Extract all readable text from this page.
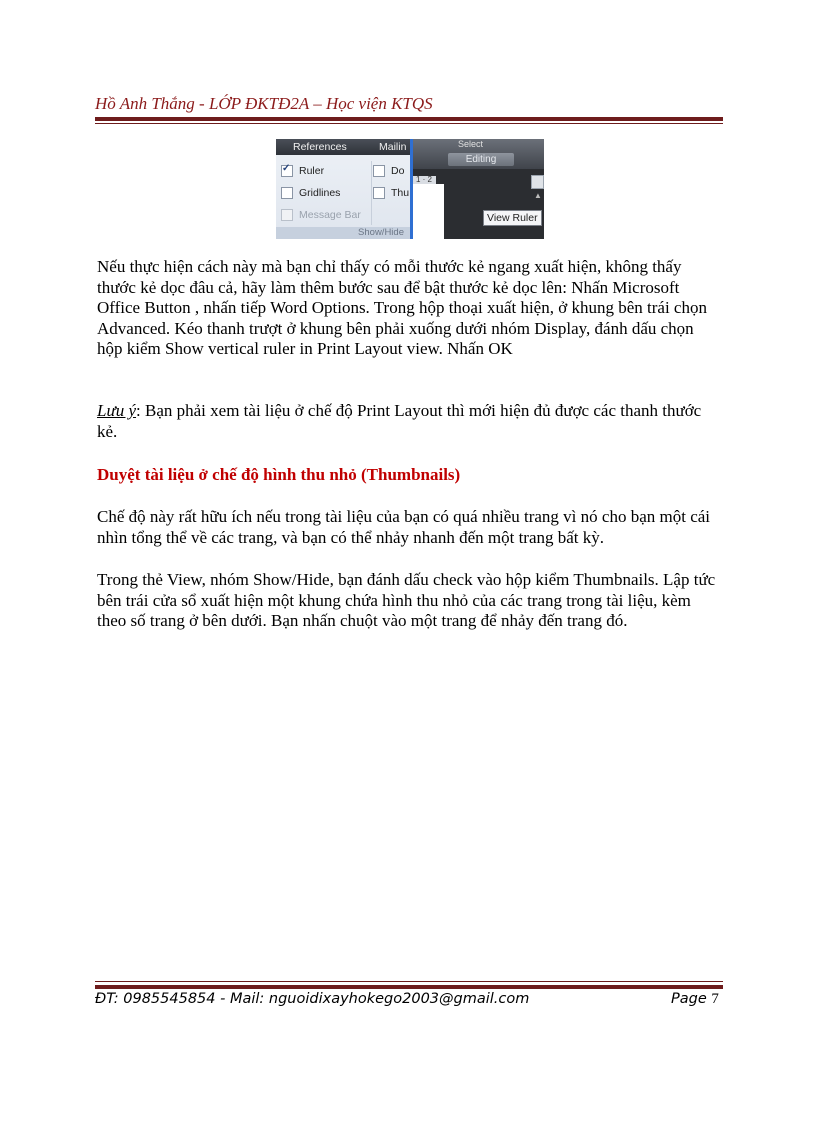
Hồ Anh Thắng - LỚP ĐKTĐ2A – Học viện KTQS
References	Mailin
✓
Ruler
Gridlines
Message Bar
Do
Thu
Show/Hide
Select
Editing
1 · 2
▲
View Ruler

Nếu thực hiện cách này mà bạn chỉ thấy có mỗi thước kẻ ngang xuất hiện, không thấy thước kẻ dọc đâu cả, hãy làm thêm bước sau để bật thước kẻ dọc lên: Nhấn Microsoft Office Button , nhấn tiếp Word Options. Trong hộp thoại xuất hiện, ở khung bên trái chọn Advanced. Kéo thanh trượt ở khung bên phải xuống dưới nhóm Display, đánh dấu chọn hộp kiểm Show vertical ruler in Print Layout view. Nhấn OK

Lưu ý: Bạn phải xem tài liệu ở chế độ Print Layout thì mới hiện đủ được các thanh thước kẻ.

Duyệt tài liệu ở chế độ hình thu nhỏ (Thumbnails)

Chế độ này rất hữu ích nếu trong tài liệu của bạn có quá nhiều trang vì nó cho bạn một cái nhìn tổng thể về các trang, và bạn có thể nhảy nhanh đến một trang bất kỳ.

Trong thẻ View, nhóm Show/Hide, bạn đánh dấu check vào hộp kiểm Thumbnails. Lập tức bên trái cửa sổ xuất hiện một khung chứa hình thu nhỏ của các trang trong tài liệu, kèm theo số trang ở bên dưới. Bạn nhấn chuột vào một trang để nhảy đến trang đó.

ĐT: 0985545854 - Mail: nguoidixayhokego2003@gmail.com	Page 7
